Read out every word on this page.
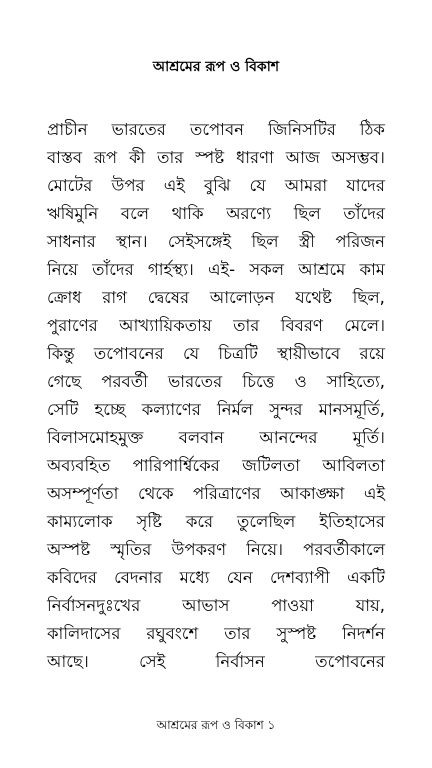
আশ্রমের রূপ ও বিকাশ
প্রাচীন ভারতের তপোবন জিনিসটির ঠিক
বাস্তব রূপ কী তার স্পষ্ট ধারণা আজ অসম্ভব।
মোটের উপর এই বুঝি যে আমরা যাদের
ঋষিমুনি বলে থাকি অরণ্যে ছিল তাঁদের
সাধনার স্থান। সেইসঙ্গেই ছিল স্ত্রী পরিজন
নিয়ে তাঁদের গার্হস্থ্য। এই- সকল আশ্রমে কাম
ক্রোধ রাগ দ্বেষের আলোড়ন যথেষ্ট ছিল,
পুরাণের আখ্যায়িকতায় তার বিবরণ মেলে।
কিন্তু তপোবনের যে চিত্রটি স্থায়ীভাবে রয়ে
গেছে পরবর্তী ভারতের চিত্তে ও সাহিত্যে,
সেটি হচ্ছে কল্যাণের নির্মল সুন্দর মানসমূর্তি,
বিলাসমোহমুক্ত বলবান আনন্দের মূর্তি।
অব্যবহিত পারিপার্শ্বিকের জটিলতা আবিলতা
অসম্পূর্ণতা থেকে পরিত্রাণের আকাঙ্ক্ষা এই
কাম্যলোক সৃষ্টি করে তুলেছিল ইতিহাসের
অস্পষ্ট স্মৃতির উপকরণ নিয়ে। পরবর্তীকালে
কবিদের বেদনার মধ্যে যেন দেশব্যাপী একটি
নির্বাসনদুঃখের	আভাস	পাওয়া	যায়,
কালিদাসের রঘুবংশে তার সুস্পষ্ট নিদর্শন
আছে।	সেই	নির্বাসন	তপোবনের
আশ্রমের রূপ ও বিকাশ ১
